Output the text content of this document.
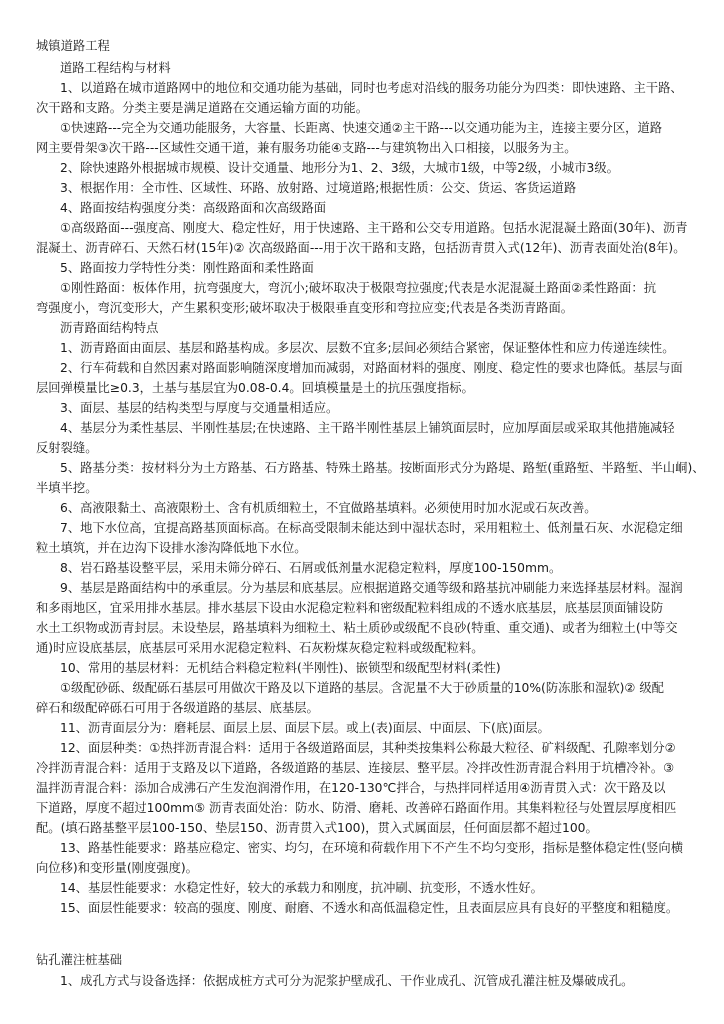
城镇道路工程
道路工程结构与材料
1、以道路在城市道路网中的地位和交通功能为基础，同时也考虑对沿线的服务功能分为四类：即快速路、主干路、
次干路和支路。分类主要是满足道路在交通运输方面的功能。
①快速路---完全为交通功能服务，大容量、长距离、快速交通②主干路---以交通功能为主，连接主要分区，道路
网主要骨架③次干路---区域性交通干道，兼有服务功能④支路---与建筑物出入口相接，以服务为主。
2、除快速路外根据城市规模、设计交通量、地形分为1、2、3级，大城市1级，中等2级，小城市3级。
3、根据作用：全市性、区域性、环路、放射路、过境道路;根据性质：公交、货运、客货运道路
4、路面按结构强度分类：高级路面和次高级路面
①高级路面---强度高、刚度大、稳定性好，用于快速路、主干路和公交专用道路。包括水泥混凝土路面(30年)、沥青
混凝土、沥青碎石、天然石材(15年)② 次高级路面---用于次干路和支路，包括沥青贯入式(12年)、沥青表面处治(8年)。
5、路面按力学特性分类：刚性路面和柔性路面
①刚性路面：板体作用，抗弯强度大，弯沉小;破坏取决于极限弯拉强度;代表是水泥混凝土路面②柔性路面：抗
弯强度小，弯沉变形大，产生累积变形;破坏取决于极限垂直变形和弯拉应变;代表是各类沥青路面。
沥青路面结构特点
1、沥青路面由面层、基层和路基构成。多层次、层数不宜多;层间必须结合紧密，保证整体性和应力传递连续性。
2、行车荷载和自然因素对路面影响随深度增加而减弱，对路面材料的强度、刚度、稳定性的要求也降低。基层与面
层回弹模量比≥0.3，土基与基层宜为0.08-0.4。回填模量是土的抗压强度指标。
3、面层、基层的结构类型与厚度与交通量相适应。
4、基层分为柔性基层、半刚性基层;在快速路、主干路半刚性基层上铺筑面层时，应加厚面层或采取其他措施减轻
反射裂缝。
5、路基分类：按材料分为土方路基、石方路基、特殊土路基。按断面形式分为路堤、路堑(重路堑、半路堑、半山峒)、
半填半挖。
6、高液限黏土、高液限粉土、含有机质细粒土，不宜做路基填料。必须使用时加水泥或石灰改善。
7、地下水位高，宜提高路基顶面标高。在标高受限制未能达到中湿状态时，采用粗粒土、低剂量石灰、水泥稳定细
粒土填筑，并在边沟下设排水渗沟降低地下水位。
8、岩石路基设整平层，采用未筛分碎石、石屑或低剂量水泥稳定粒料，厚度100-150mm。
9、基层是路面结构中的承重层。分为基层和底基层。应根据道路交通等级和路基抗冲刷能力来选择基层材料。湿润
和多雨地区，宜采用排水基层。排水基层下设由水泥稳定粒料和密级配粒料组成的不透水底基层，底基层顶面铺设防
水土工织物或沥青封层。未设垫层，路基填料为细粒土、粘土质砂或级配不良砂(特重、重交通)、或者为细粒土(中等交
通)时应设底基层，底基层可采用水泥稳定粒料、石灰粉煤灰稳定粒料或级配粒料。
10、常用的基层材料：无机结合料稳定粒料(半刚性)、嵌锁型和级配型材料(柔性)
①级配砂砾、级配砾石基层可用做次干路及以下道路的基层。含泥量不大于砂质量的10%(防冻胀和湿软)② 级配
碎石和级配碎砾石可用于各级道路的基层、底基层。
11、沥青面层分为：磨耗层、面层上层、面层下层。或上(表)面层、中面层、下(底)面层。
12、面层种类：①热拌沥青混合料：适用于各级道路面层，其种类按集料公称最大粒径、矿料级配、孔隙率划分②
冷拌沥青混合料：适用于支路及以下道路，各级道路的基层、连接层、整平层。冷拌改性沥青混合料用于坑槽冷补。③
温拌沥青混合料：添加合成沸石产生发泡润滑作用，在120-130℃拌合，与热拌同样适用④沥青贯入式：次干路及以
下道路，厚度不超过100mm⑤ 沥青表面处治：防水、防滑、磨耗、改善碎石路面作用。其集料粒径与处置层厚度相匹
配。(填石路基整平层100-150、垫层150、沥青贯入式100)，贯入式属面层，任何面层都不超过100。
13、路基性能要求：路基应稳定、密实、均匀，在环境和荷载作用下不产生不均匀变形，指标是整体稳定性(竖向横
向位移)和变形量(刚度强度)。
14、基层性能要求：水稳定性好，较大的承载力和刚度，抗冲刷、抗变形，不透水性好。
15、面层性能要求：较高的强度、刚度、耐磨、不透水和高低温稳定性，且表面层应具有良好的平整度和粗糙度。
钻孔灌注桩基础
1、成孔方式与设备选择：依据成桩方式可分为泥浆护壁成孔、干作业成孔、沉管成孔灌注桩及爆破成孔。
